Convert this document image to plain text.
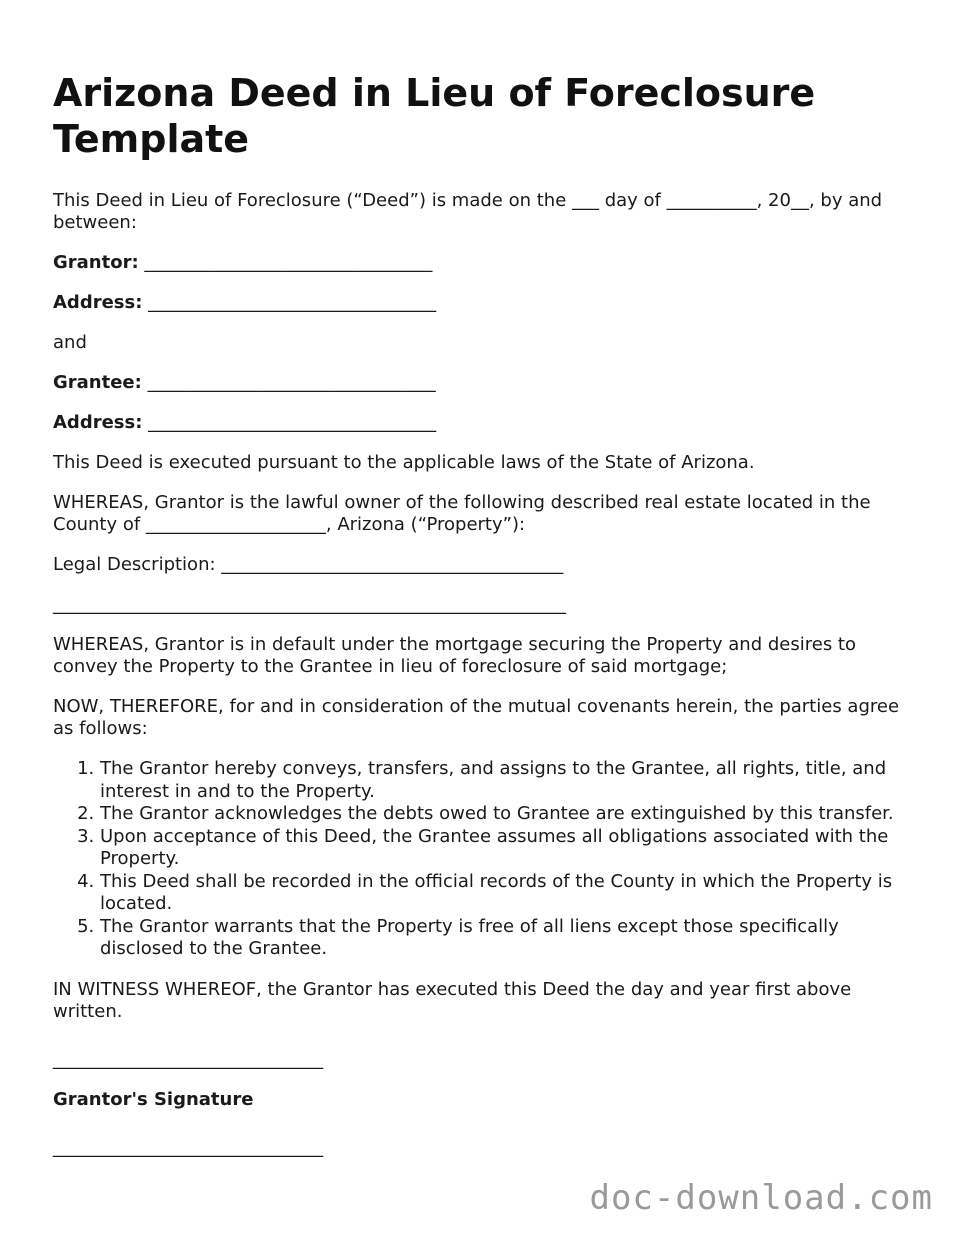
Arizona Deed in Lieu of Foreclosure Template

This Deed in Lieu of Foreclosure (“Deed”) is made on the ___ day of __________, 20__, by and between:

Grantor: ________________________________

Address: ________________________________

and

Grantee: ________________________________

Address: ________________________________

This Deed is executed pursuant to the applicable laws of the State of Arizona.

WHEREAS, Grantor is the lawful owner of the following described real estate located in the County of ____________________, Arizona (“Property”):

Legal Description: ______________________________________

_________________________________________________________

WHEREAS, Grantor is in default under the mortgage securing the Property and desires to convey the Property to the Grantee in lieu of foreclosure of said mortgage;

NOW, THEREFORE, for and in consideration of the mutual covenants herein, the parties agree as follows:

1. The Grantor hereby conveys, transfers, and assigns to the Grantee, all rights, title, and interest in and to the Property.
2. The Grantor acknowledges the debts owed to Grantee are extinguished by this transfer.
3. Upon acceptance of this Deed, the Grantee assumes all obligations associated with the Property.
4. This Deed shall be recorded in the official records of the County in which the Property is located.
5. The Grantor warrants that the Property is free of all liens except those specifically disclosed to the Grantee.

IN WITNESS WHEREOF, the Grantor has executed this Deed the day and year first above written.

______________________________

Grantor's Signature

______________________________

doc-download.com
